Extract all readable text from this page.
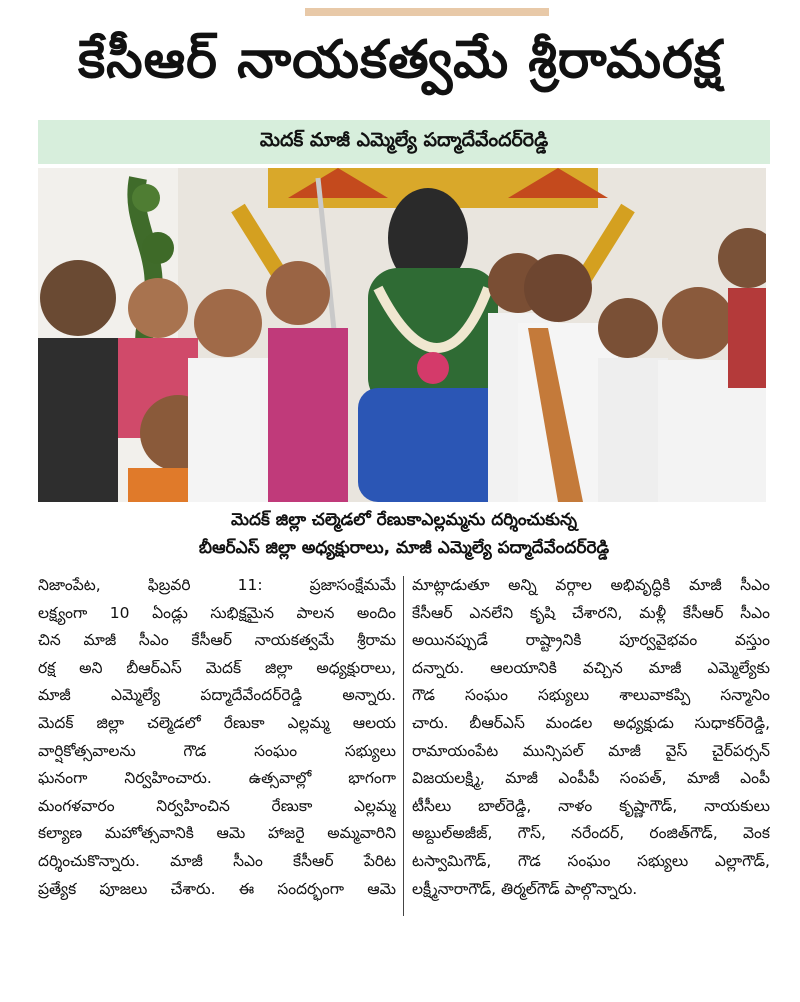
కేసీఆర్ నాయకత్వమే శ్రీరామరక్ష
మెదక్ మాజీ ఎమ్మెల్యే పద్మాదేవేందర్‌రెడ్డి
మెదక్ జిల్లా చల్మెడలో రేణుకాఎల్లమ్మను దర్శించుకున్న
బీఆర్ఎస్ జిల్లా అధ్యక్షురాలు, మాజీ ఎమ్మెల్యే పద్మాదేవేందర్‌రెడ్డి
నిజాంపేట, ఫిబ్రవరి 11: ప్రజాసంక్షేమమే
లక్ష్యంగా 10 ఏండ్లు సుభిక్షమైన పాలన అందిం
చిన మాజీ సీఎం కేసీఆర్ నాయకత్వమే శ్రీరామ
రక్ష అని బీఆర్ఎస్ మెదక్ జిల్లా అధ్యక్షురాలు,
మాజీ ఎమ్మెల్యే పద్మాదేవేందర్‌రెడ్డి అన్నారు.
మెదక్ జిల్లా చల్మెడలో రేణుకా ఎల్లమ్మ ఆలయ
వార్షికోత్సవాలను గౌడ సంఘం సభ్యులు
ఘనంగా నిర్వహించారు. ఉత్సవాల్లో భాగంగా
మంగళవారం నిర్వహించిన రేణుకా ఎల్లమ్మ
కల్యాణ మహోత్సవానికి ఆమె హాజరై అమ్మవారిని
దర్శించుకొన్నారు. మాజీ సీఎం కేసీఆర్ పేరిట
ప్రత్యేక పూజలు చేశారు. ఈ సందర్భంగా ఆమె
మాట్లాడుతూ అన్ని వర్గాల అభివృద్ధికి మాజీ సీఎం
కేసీఆర్ ఎనలేని కృషి చేశారని, మళ్లీ కేసీఆర్ సీఎం
అయినప్పుడే రాష్ట్రానికి పూర్వవైభవం వస్తుం
దన్నారు. ఆలయానికి వచ్చిన మాజీ ఎమ్మెల్యేకు
గౌడ సంఘం సభ్యులు శాలువాకప్పి సన్మానిం
చారు. బీఆర్ఎస్ మండల అధ్యక్షుడు సుధాకర్‌రెడ్డి,
రామాయంపేట మున్సిపల్ మాజీ వైస్ చైర్‌పర్సన్
విజయలక్ష్మి, మాజీ ఎంపీపీ సంపత్, మాజీ ఎంపీ
టీసీలు బాల్‌రెడ్డి, నాళం కృష్ణాగౌడ్, నాయకులు
అబ్దుల్‌అజీజ్, గౌస్, నరేందర్, రంజిత్‌గౌడ్, వెంక
టస్వామిగౌడ్, గౌడ సంఘం సభ్యులు ఎల్లాగౌడ్,
లక్ష్మీనారాగౌడ్, తిర్మల్‌గౌడ్ పాల్గొన్నారు.
